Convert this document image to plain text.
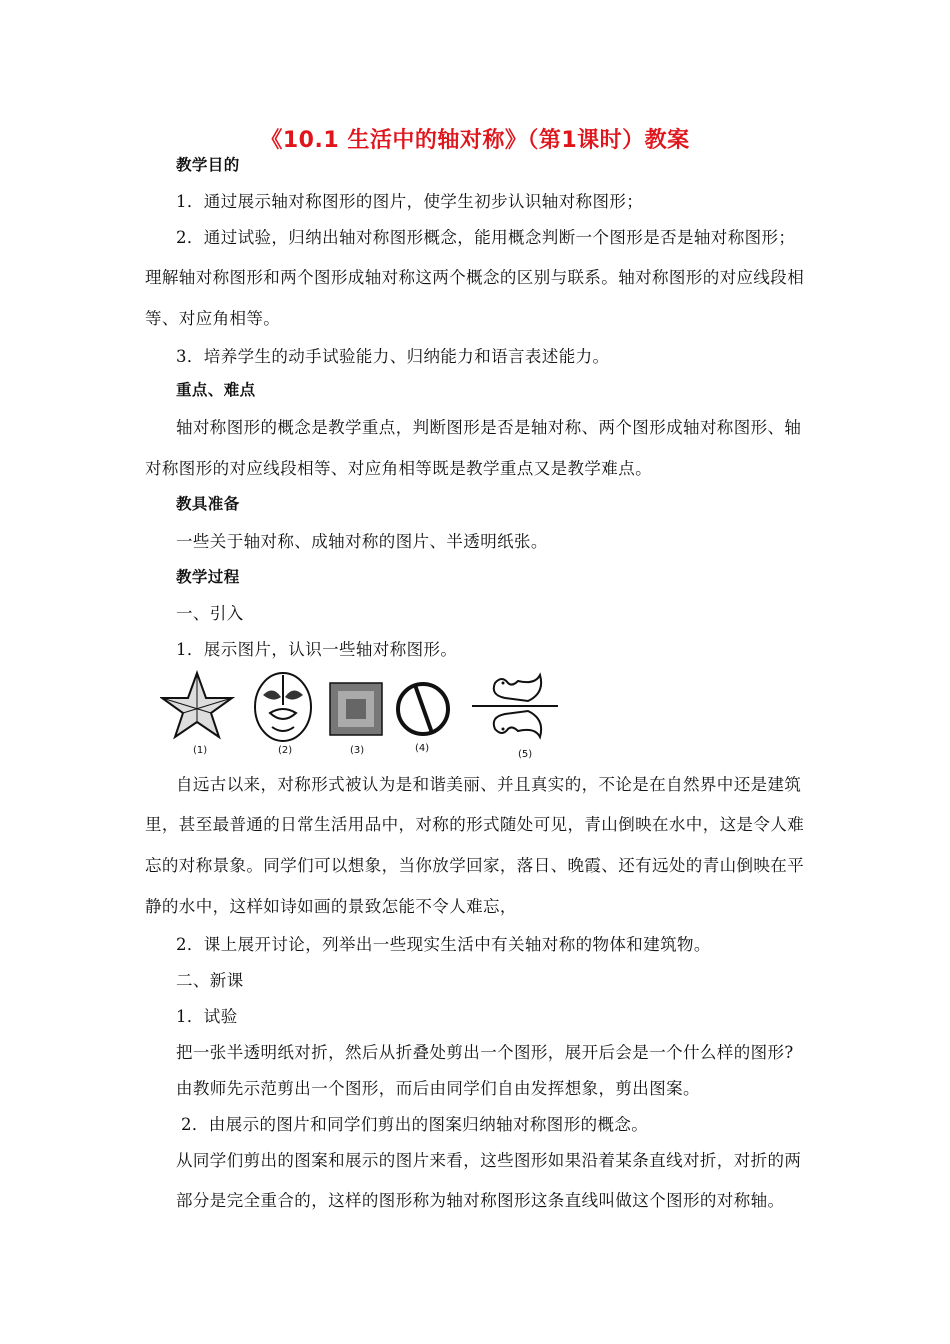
《10.1 生活中的轴对称》（第1课时）教案
教学目的
1．通过展示轴对称图形的图片，使学生初步认识轴对称图形；
2．通过试验，归纳出轴对称图形概念，能用概念判断一个图形是否是轴对称图形；
理解轴对称图形和两个图形成轴对称这两个概念的区别与联系。轴对称图形的对应线段相
等、对应角相等。
3．培养学生的动手试验能力、归纳能力和语言表述能力。
重点、难点
轴对称图形的概念是教学重点，判断图形是否是轴对称、两个图形成轴对称图形、轴
对称图形的对应线段相等、对应角相等既是教学重点又是教学难点。
教具准备
一些关于轴对称、成轴对称的图片、半透明纸张。
教学过程
一、引入
1．展示图片，认识一些轴对称图形。
(1)	(2)	(3)	(4)
(5)
自远古以来，对称形式被认为是和谐美丽、并且真实的，不论是在自然界中还是建筑
里，甚至最普通的日常生活用品中，对称的形式随处可见，青山倒映在水中，这是令人难
忘的对称景象。同学们可以想象，当你放学回家，落日、晚霞、还有远处的青山倒映在平
静的水中，这样如诗如画的景致怎能不令人难忘，
2．课上展开讨论，列举出一些现实生活中有关轴对称的物体和建筑物。
二、新课
1．试验
把一张半透明纸对折，然后从折叠处剪出一个图形，展开后会是一个什么样的图形?
由教师先示范剪出一个图形，而后由同学们自由发挥想象，剪出图案。
2．由展示的图片和同学们剪出的图案归纳轴对称图形的概念。
从同学们剪出的图案和展示的图片来看，这些图形如果沿着某条直线对折，对折的两
部分是完全重合的，这样的图形称为轴对称图形这条直线叫做这个图形的对称轴。
